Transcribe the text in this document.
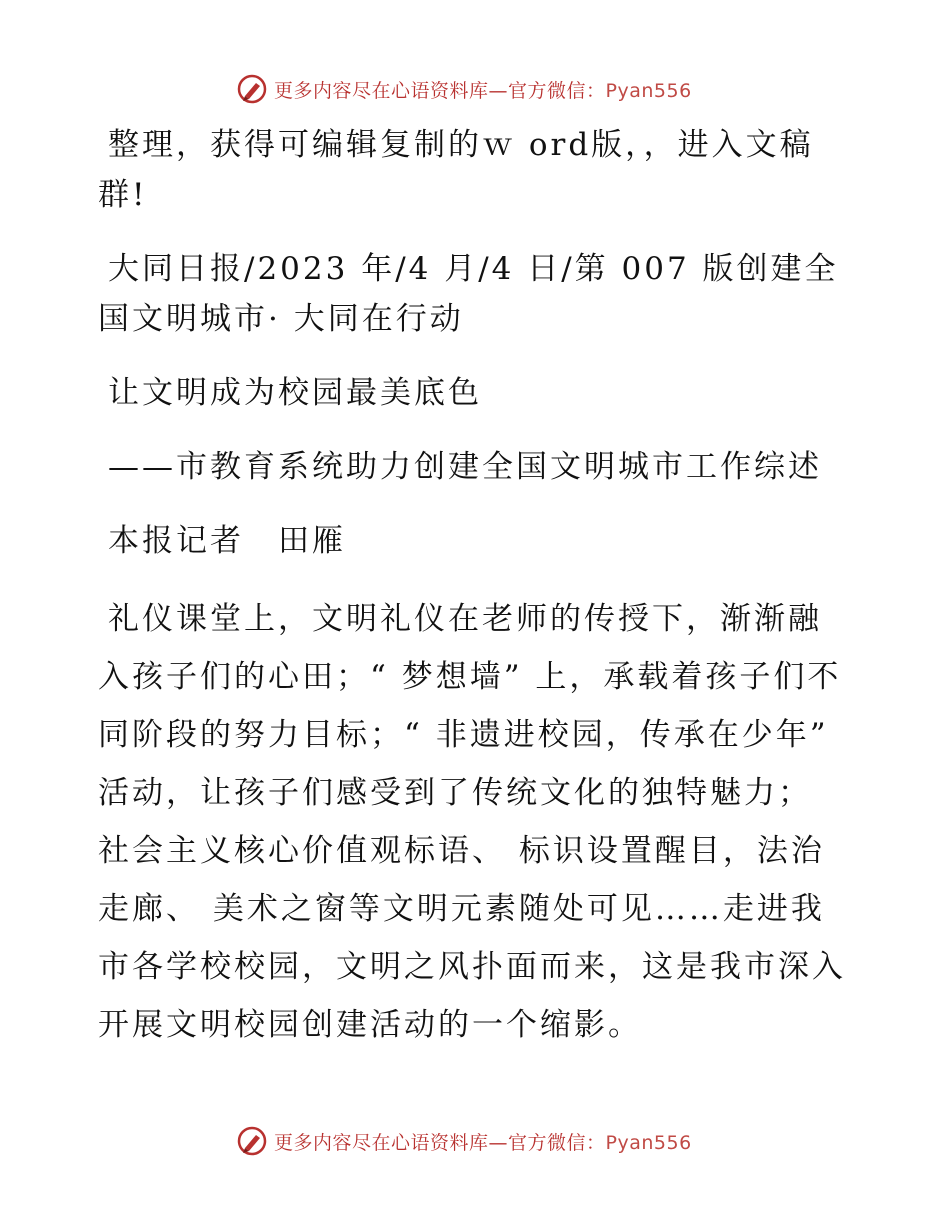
更多内容尽在心语资料库—官方微信：Pyan556

整理，获得可编辑复制的ｗ ord版，，进入文稿群!

大同日报/2023 年/4 月/4 日/第 007 版创建全国文明城市· 大同在行动

让文明成为校园最美底色

——市教育系统助力创建全国文明城市工作综述

本报记者　田雁

礼仪课堂上，文明礼仪在老师的传授下，渐渐融入孩子们的心田；“ 梦想墙” 上，承载着孩子们不同阶段的努力目标；“ 非遗进校园，传承在少年” 活动，让孩子们感受到了传统文化的独特魅力； 社会主义核心价值观标语、 标识设置醒目，法治走廊、 美术之窗等文明元素随处可见……走进我市各学校校园，文明之风扑面而来，这是我市深入开展文明校园创建活动的一个缩影。

更多内容尽在心语资料库—官方微信：Pyan556
